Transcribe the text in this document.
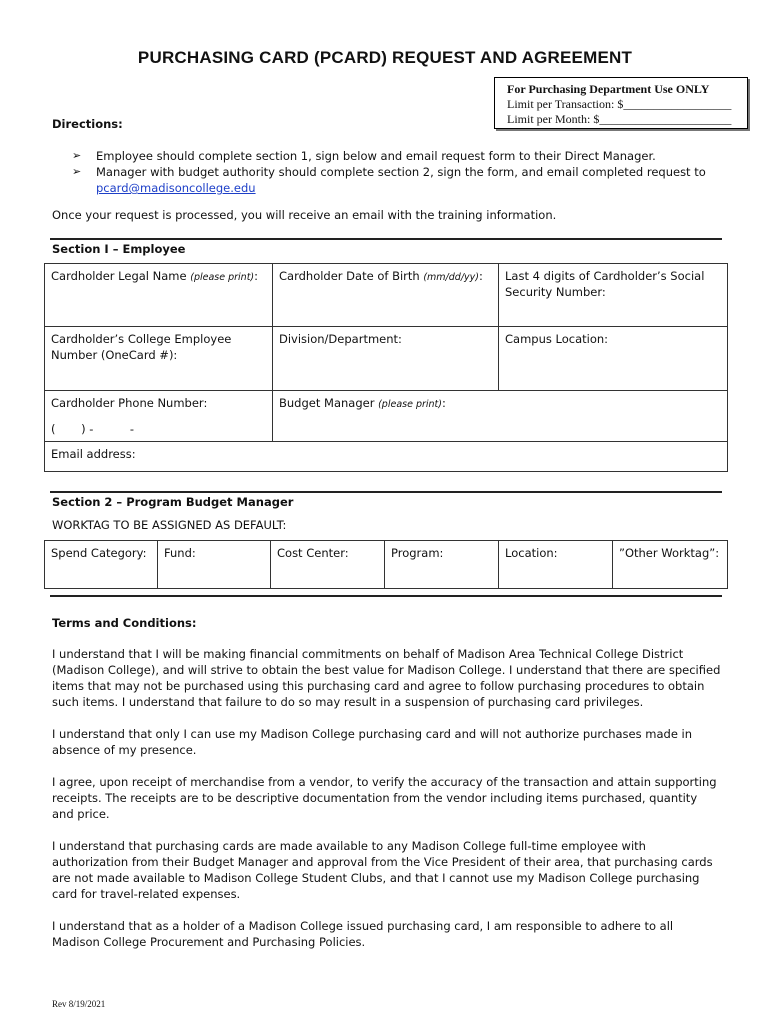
PURCHASING CARD (PCARD) REQUEST AND AGREEMENT
For Purchasing Department Use ONLY
Limit per Transaction: $__________________
Limit per Month: $______________________
Directions:
➢	Employee should complete section 1, sign below and email request form to their Direct Manager.
➢	Manager with budget authority should complete section 2, sign the form, and email completed request to
pcard@madisoncollege.edu
Once your request is processed, you will receive an email with the training information.
Section I – Employee
Cardholder Legal Name (please print):	Cardholder Date of Birth (mm/dd/yy):	Last 4 digits of Cardholder’s Social
Security Number:

Cardholder’s College Employee
Number (OneCard #):	Division/Department:	Campus Location:

Cardholder Phone Number:
(       ) -          -	Budget Manager (please print):	
Email address:		
Section 2 – Program Budget Manager
WORKTAG TO BE ASSIGNED AS DEFAULT:
Spend Category:	Fund:	Cost Center:	Program:	Location:	”Other Worktag”:
Terms and Conditions:

I understand that I will be making financial commitments on behalf of Madison Area Technical College District (Madison College), and will strive to obtain the best value for Madison College. I understand that there are specified items that may not be purchased using this purchasing card and agree to follow purchasing procedures to obtain such items. I understand that failure to do so may result in a suspension of purchasing card privileges.

I understand that only I can use my Madison College purchasing card and will not authorize purchases made in absence of my presence.

I agree, upon receipt of merchandise from a vendor, to verify the accuracy of the transaction and attain supporting receipts. The receipts are to be descriptive documentation from the vendor including items purchased, quantity and price.

I understand that purchasing cards are made available to any Madison College full-time employee with authorization from their Budget Manager and approval from the Vice President of their area, that purchasing cards are not made available to Madison College Student Clubs, and that I cannot use my Madison College purchasing card for travel-related expenses.

I understand that as a holder of a Madison College issued purchasing card, I am responsible to adhere to all Madison College Procurement and Purchasing Policies.

Rev 8/19/2021
